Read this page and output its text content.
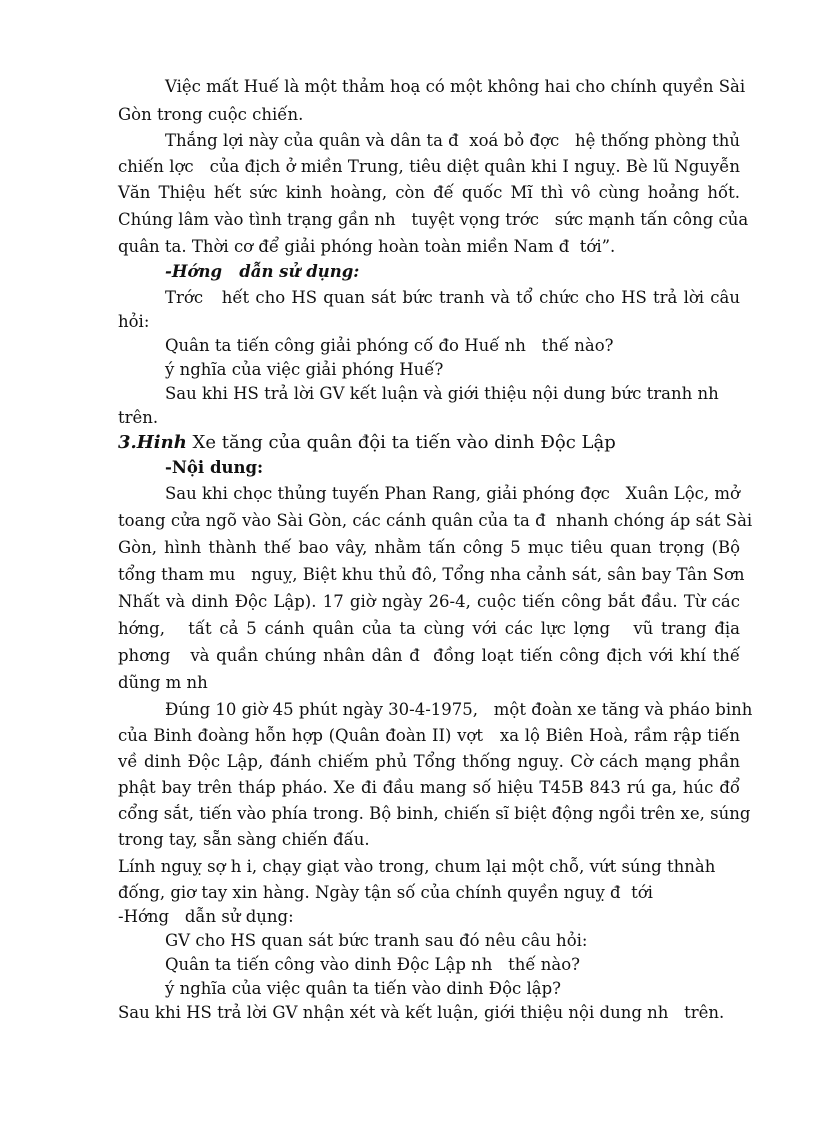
Việc mất Huế là một thảm hoạ có một không hai cho chính quyền Sài
Gòn trong cuộc chiến.
Thắng lợi này của quân và dân ta đ  xoá bỏ đợc   hệ thống phòng thủ
chiến lợc   của địch ở miền Trung, tiêu diệt quân khi I nguỵ. Bè lũ Nguyễn
Văn Thiệu hết sức kinh hoàng, còn đế quốc Mĩ thì vô cùng hoảng hốt.
Chúng lâm vào tình trạng gần nh   tuyệt vọng trớc   sức mạnh tấn công của
quân ta. Thời cơ để giải phóng hoàn toàn miền Nam đ  tới”.
-Hớng   dẫn sử dụng:
Trớc   hết cho HS quan sát bức tranh và tổ chức cho HS trả lời câu
hỏi:
Quân ta tiến công giải phóng cố đo Huế nh   thế nào?
ý nghĩa của việc giải phóng Huế?
Sau khi HS trả lời GV kết luận và giới thiệu nội dung bức tranh nh
trên.
3.Hinh Xe tăng của quân đội ta tiến vào dinh Độc Lập
-Nội dung:
Sau khi chọc thủng tuyến Phan Rang, giải phóng đợc   Xuân Lộc, mở
toang cửa ngõ vào Sài Gòn, các cánh quân của ta đ  nhanh chóng áp sát Sài
Gòn, hình thành thế bao vây, nhằm tấn công 5 mục tiêu quan trọng (Bộ
tổng tham mu   nguỵ, Biệt khu thủ đô, Tổng nha cảnh sát, sân bay Tân Sơn
Nhất và dinh Độc Lập). 17 giờ ngày 26-4, cuộc tiến công bắt đầu. Từ các
hớng,   tất cả 5 cánh quân của ta cùng với các lực lợng   vũ trang địa
phơng   và quần chúng nhân dân đ  đồng loạt tiến công địch với khí thế
dũng m nh
Đúng 10 giờ 45 phút ngày 30-4-1975,   một đoàn xe tăng và pháo binh
của Binh đoàng hỗn hợp (Quân đoàn II) vợt   xa lộ Biên Hoà, rầm rập tiến
về dinh Độc Lập, đánh chiếm phủ Tổng thống nguỵ. Cờ cách mạng phần
phật bay trên tháp pháo. Xe đi đầu mang số hiệu T45B 843 rú ga, húc đổ
cổng sắt, tiến vào phía trong. Bộ binh, chiến sĩ biệt động ngồi trên xe, súng
trong tay, sẵn sàng chiến đấu.
Lính nguỵ sợ h i, chạy giạt vào trong, chum lại một chỗ, vứt súng thnàh
đống, giơ tay xin hàng. Ngày tận số của chính quyền nguỵ đ  tới
-Hớng   dẫn sử dụng:
GV cho HS quan sát bức tranh sau đó nêu câu hỏi:
Quân ta tiến công vào dinh Độc Lập nh   thế nào?
ý nghĩa của việc quân ta tiến vào dinh Độc lập?
Sau khi HS trả lời GV nhận xét và kết luận, giới thiệu nội dung nh   trên.
